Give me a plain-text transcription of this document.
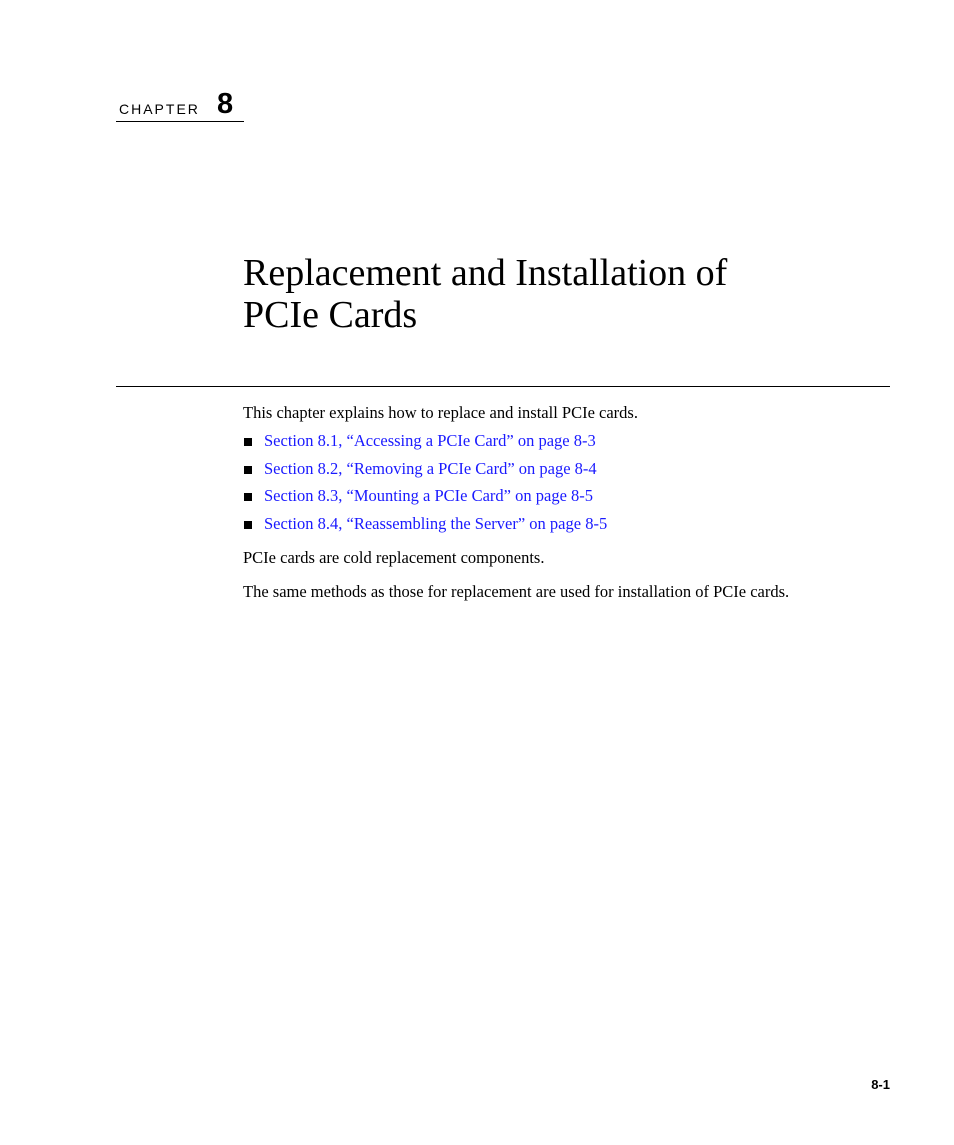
CHAPTER 8
Replacement and Installation of
PCIe Cards

This chapter explains how to replace and install PCIe cards.

Section 8.1, “Accessing a PCIe Card” on page 8-3
Section 8.2, “Removing a PCIe Card” on page 8-4
Section 8.3, “Mounting a PCIe Card” on page 8-5
Section 8.4, “Reassembling the Server” on page 8-5

PCIe cards are cold replacement components.

The same methods as those for replacement are used for installation of PCIe cards.

8-1
